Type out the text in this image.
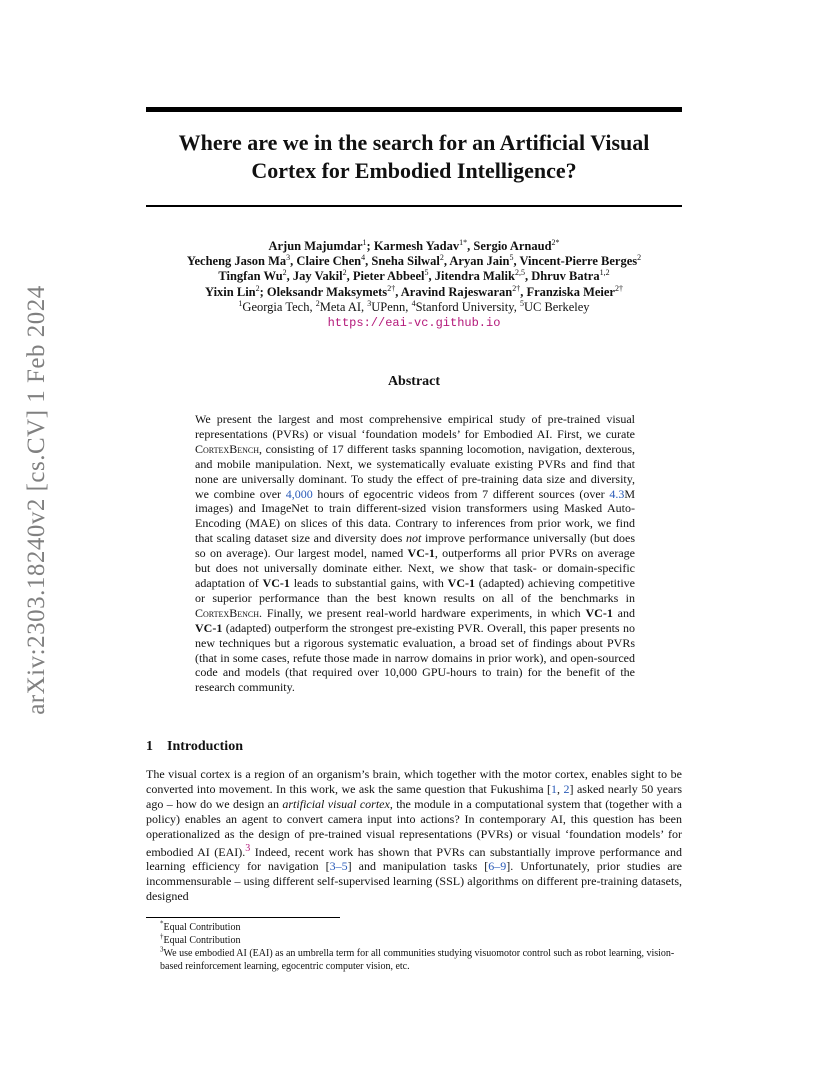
arXiv:2303.18240v2 [cs.CV] 1 Feb 2024
Where are we in the search for an Artificial Visual
Cortex for Embodied Intelligence?
Arjun Majumdar$^1$; Karmesh Yadav$^{1*}$, Sergio Arnaud$^{2*}$
Yecheng Jason Ma$^3$, Claire Chen$^4$, Sneha Silwal$^2$, Aryan Jain$^5$, Vincent-Pierre Berges$^2$
Tingfan Wu$^2$, Jay Vakil$^2$, Pieter Abbeel$^5$, Jitendra Malik$^{2,5}$, Dhruv Batra$^{1,2}$
Yixin Lin$^2$; Oleksandr Maksymets$^{2\dagger}$, Aravind Rajeswaran$^{2\dagger}$, Franziska Meier$^{2\dagger}$
$^1$Georgia Tech, $^2$Meta AI, $^3$UPenn, $^4$Stanford University, $^5$UC Berkeley
https://eai-vc.github.io
Abstract

We present the largest and most comprehensive empirical study of pre-trained visual representations (PVRs) or visual ‘foundation models’ for Embodied AI. First, we curate CortexBench, consisting of 17 different tasks spanning locomotion, navigation, dexterous, and mobile manipulation. Next, we systematically evaluate existing PVRs and find that none are universally dominant. To study the effect of pre-training data size and diversity, we combine over 4,000 hours of egocentric videos from 7 different sources (over 4.3M images) and ImageNet to train different-sized vision transformers using Masked Auto-Encoding (MAE) on slices of this data. Contrary to inferences from prior work, we find that scaling dataset size and diversity does not improve performance universally (but does so on average). Our largest model, named VC-1, outperforms all prior PVRs on average but does not universally dominate either. Next, we show that task- or domain-specific adaptation of VC-1 leads to substantial gains, with VC-1 (adapted) achieving competitive or superior performance than the best known results on all of the benchmarks in CortexBench. Finally, we present real-world hardware experiments, in which VC-1 and VC-1 (adapted) outperform the strongest pre-existing PVR. Overall, this paper presents no new techniques but a rigorous systematic evaluation, a broad set of findings about PVRs (that in some cases, refute those made in narrow domains in prior work), and open-sourced code and models (that required over 10,000 GPU-hours to train) for the benefit of the research community.

1 Introduction

The visual cortex is a region of an organism’s brain, which together with the motor cortex, enables sight to be converted into movement. In this work, we ask the same question that Fukushima [1, 2] asked nearly 50 years ago – how do we design an artificial visual cortex, the module in a computational system that (together with a policy) enables an agent to convert camera input into actions? In contemporary AI, this question has been operationalized as the design of pre-trained visual representations (PVRs) or visual ‘foundation models’ for embodied AI (EAI).$^3$ Indeed, recent work has shown that PVRs can substantially improve performance and learning efficiency for navigation [3–5] and manipulation tasks [6–9]. Unfortunately, prior studies are incommensurable – using different self-supervised learning (SSL) algorithms on different pre-training datasets, designed

*Equal Contribution

†Equal Contribution

$^3$We use embodied AI (EAI) as an umbrella term for all communities studying visuomotor control such as robot learning, vision-based reinforcement learning, egocentric computer vision, etc.
